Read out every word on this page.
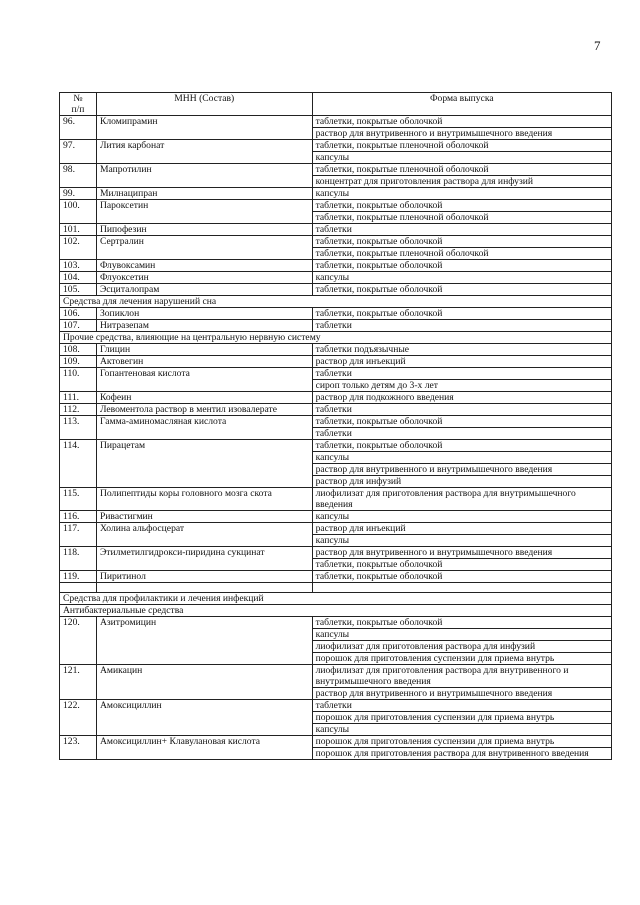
7
№
п/п	МНН (Состав)	Форма выпуска
96.	Кломипрамин	таблетки, покрытые оболочкой
		раствор для внутривенного и внутримышечного введения
97.	Лития карбонат	таблетки, покрытые пленочной оболочкой
		капсулы
98.	Мапротилин	таблетки, покрытые пленочной оболочкой
		концентрат для приготовления раствора для инфузий
99.	Милнаципран	капсулы
100.	Пароксетин	таблетки, покрытые оболочкой
		таблетки, покрытые пленочной оболочкой
101.	Пипофезин	таблетки
102.	Сертралин	таблетки, покрытые оболочкой
		таблетки, покрытые пленочной оболочкой
103.	Флувоксамин	таблетки, покрытые оболочкой
104.	Флуоксетин	капсулы
105.	Эсциталопрам	таблетки, покрытые оболочкой
Средства для лечения нарушений сна		
106.	Зопиклон	таблетки, покрытые оболочкой
107.	Нитразепам	таблетки
Прочие средства, влияющие на центральную нервную систему		
108.	Глицин	таблетки подъязычные
109.	Актовегин	раствор для инъекций
110.	Гопантеновая кислота	таблетки
		сироп только детям до 3-х лет
111.	Кофеин	раствор для подкожного введения
112.	Левоментола раствор в ментил изовалерате	таблетки
113.	Гамма-аминомасляная кислота	таблетки, покрытые оболочкой
		таблетки
114.	Пирацетам	таблетки, покрытые оболочкой
		капсулы
		раствор для внутривенного и внутримышечного введения
		раствор для инфузий
115.	Полипептиды коры головного мозга скота	лиофилизат для приготовления раствора для внутримышечного введения
116.	Ривастигмин	капсулы
117.	Холина альфосцерат	раствор для инъекций
		капсулы
118.	Этилметилгидрокси-пиридина сукцинат	раствор для внутривенного и внутримышечного введения
		таблетки, покрытые оболочкой
119.	Пиритинол	таблетки, покрытые оболочкой

Средства для профилактики и лечения инфекций		
Антибактериальные средства		
120.	Азитромицин	таблетки, покрытые оболочкой
		капсулы
		лиофилизат для приготовления раствора для инфузий
		порошок для приготовления суспензии для приема внутрь
121.	Амикацин	лиофилизат для приготовления раствора для внутривенного и внутримышечного введения
		раствор для внутривенного и внутримышечного введения
122.	Амоксициллин	таблетки
		порошок для приготовления суспензии для приема внутрь
		капсулы
123.	Амоксициллин+ Клавулановая кислота	порошок для приготовления суспензии для приема внутрь
		порошок для приготовления раствора для внутривенного введения
